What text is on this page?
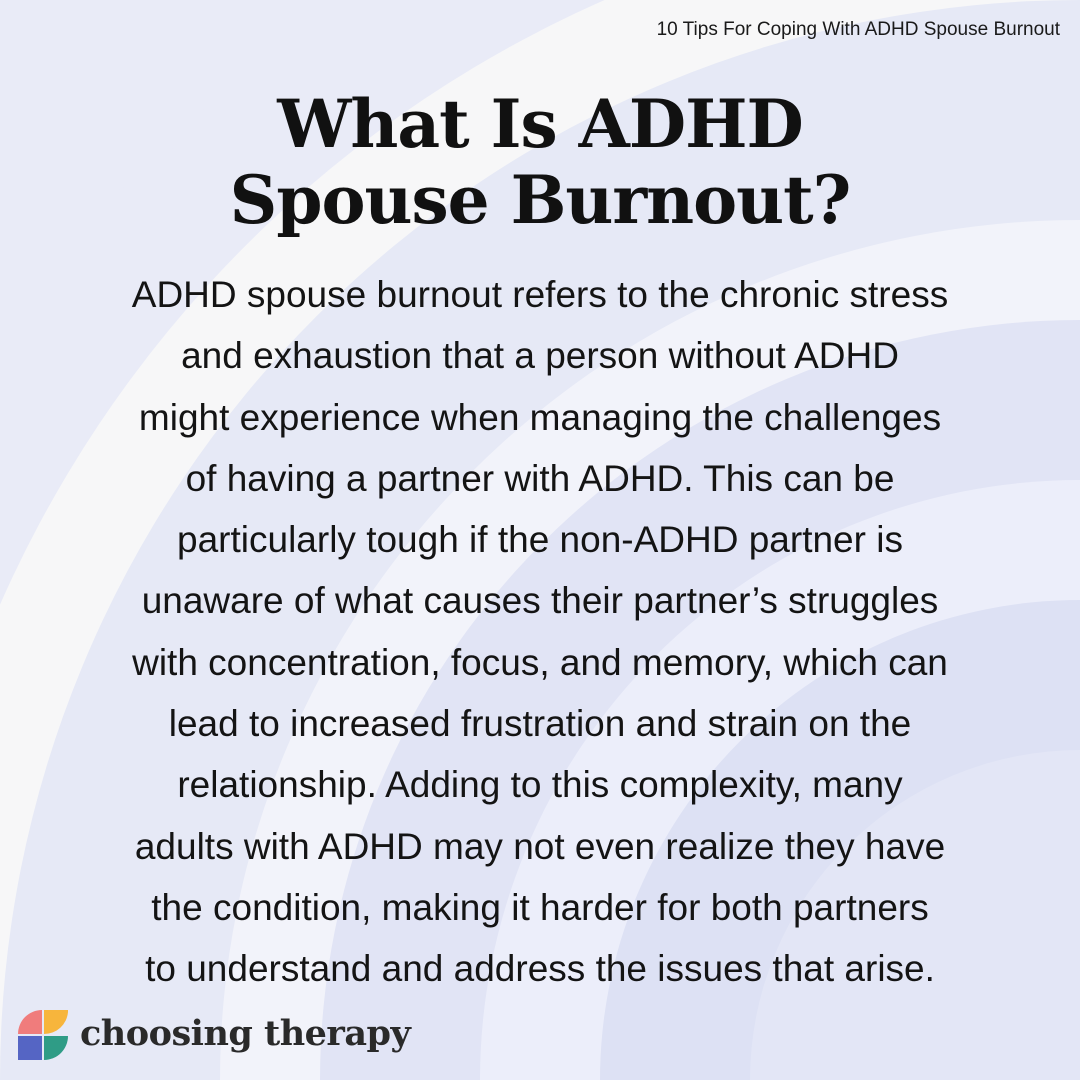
10 Tips For Coping With ADHD Spouse Burnout
What Is ADHD
Spouse Burnout?

ADHD spouse burnout refers to the chronic stress
and exhaustion that a person without ADHD
might experience when managing the challenges
of having a partner with ADHD. This can be
particularly tough if the non-ADHD partner is
unaware of what causes their partner’s struggles
with concentration, focus, and memory, which can
lead to increased frustration and strain on the
relationship. Adding to this complexity, many
adults with ADHD may not even realize they have
the condition, making it harder for both partners
to understand and address the issues that arise.

choosing therapy
